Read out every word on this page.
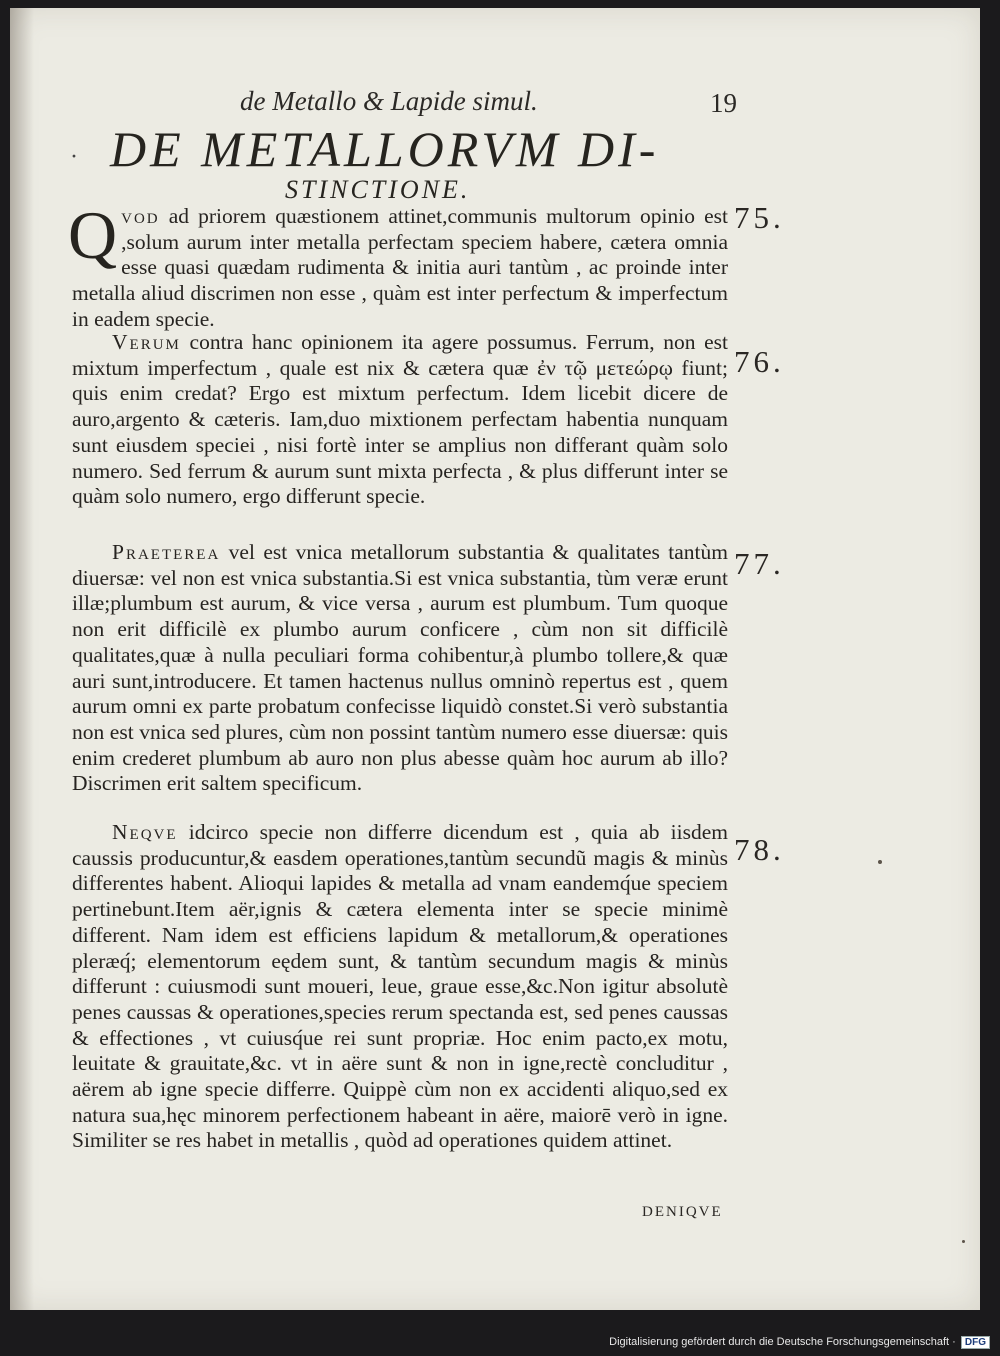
de Metallo & Lapide simul.	19
· DE METALLORVM DI-
STINCTIONE.
75.

Qvod ad priorem quæstionem attinet,communis multorum opinio est ,solum aurum inter metalla perfectam speciem habere, cætera omnia esse quasi quædam rudimenta & initia auri tantùm , ac proinde inter metalla aliud discrimen non esse , quàm est inter perfectum & imperfectum in eadem specie.

76.

Verum contra hanc opinionem ita agere possumus. Ferrum, non est mixtum imperfectum , quale est nix & cætera quæ ἐν τῷ μετεώρῳ fiunt; quis enim credat? Ergo est mixtum perfectum. Idem licebit dicere de auro,argento & cæteris. Iam,duo mixtionem perfectam habentia nunquam sunt eiusdem speciei , nisi fortè inter se amplius non differant quàm solo numero. Sed ferrum & aurum sunt mixta perfecta , & plus differunt inter se quàm solo numero, ergo differunt specie.

77.

Praeterea vel est vnica metallorum substantia & qualitates tantùm diuersæ: vel non est vnica substantia.Si est vnica substantia, tùm veræ erunt illæ;plumbum est aurum, & vice versa , aurum est plumbum. Tum quoque non erit difficilè ex plumbo aurum conficere , cùm non sit difficilè qualitates,quæ à nulla peculiari forma cohibentur,à plumbo tollere,& quæ auri sunt,introducere. Et tamen hactenus nullus omninò repertus est , quem aurum omni ex parte probatum confecisse liquidò constet.Si verò substantia non est vnica sed plures, cùm non possint tantùm numero esse diuersæ: quis enim crederet plumbum ab auro non plus abesse quàm hoc aurum ab illo? Discrimen erit saltem specificum.

78.

Neqve idcirco specie non differre dicendum est , quia ab iisdem caussis producuntur,& easdem operationes,tantùm secundũ magis & minùs differentes habent. Alioqui lapides & metalla ad vnam eandemq́ue speciem pertinebunt.Item aër,ignis & cætera elementa inter se specie minimè different. Nam idem est efficiens lapidum & metallorum,& operationes pleræq́; elementorum eędem sunt, & tantùm secundum magis & minùs differunt : cuiusmodi sunt moueri, leue, graue esse,&c.Non igitur absolutè penes caussas & operationes,species rerum spectanda est, sed penes caussas & effectiones , vt cuiusq́ue rei sunt propriæ. Hoc enim pacto,ex motu, leuitate & grauitate,&c. vt in aëre sunt & non in igne,rectè concluditur , aërem ab igne specie differre. Quippè cùm non ex accidenti aliquo,sed ex natura sua,hęc minorem perfectionem habeant in aëre, maiorē verò in igne. Similiter se res habet in metallis , quòd ad operationes quidem attinet.

DENIQVE
Digitalisierung gefördert durch die Deutsche Forschungsgemeinschaft · DFG
